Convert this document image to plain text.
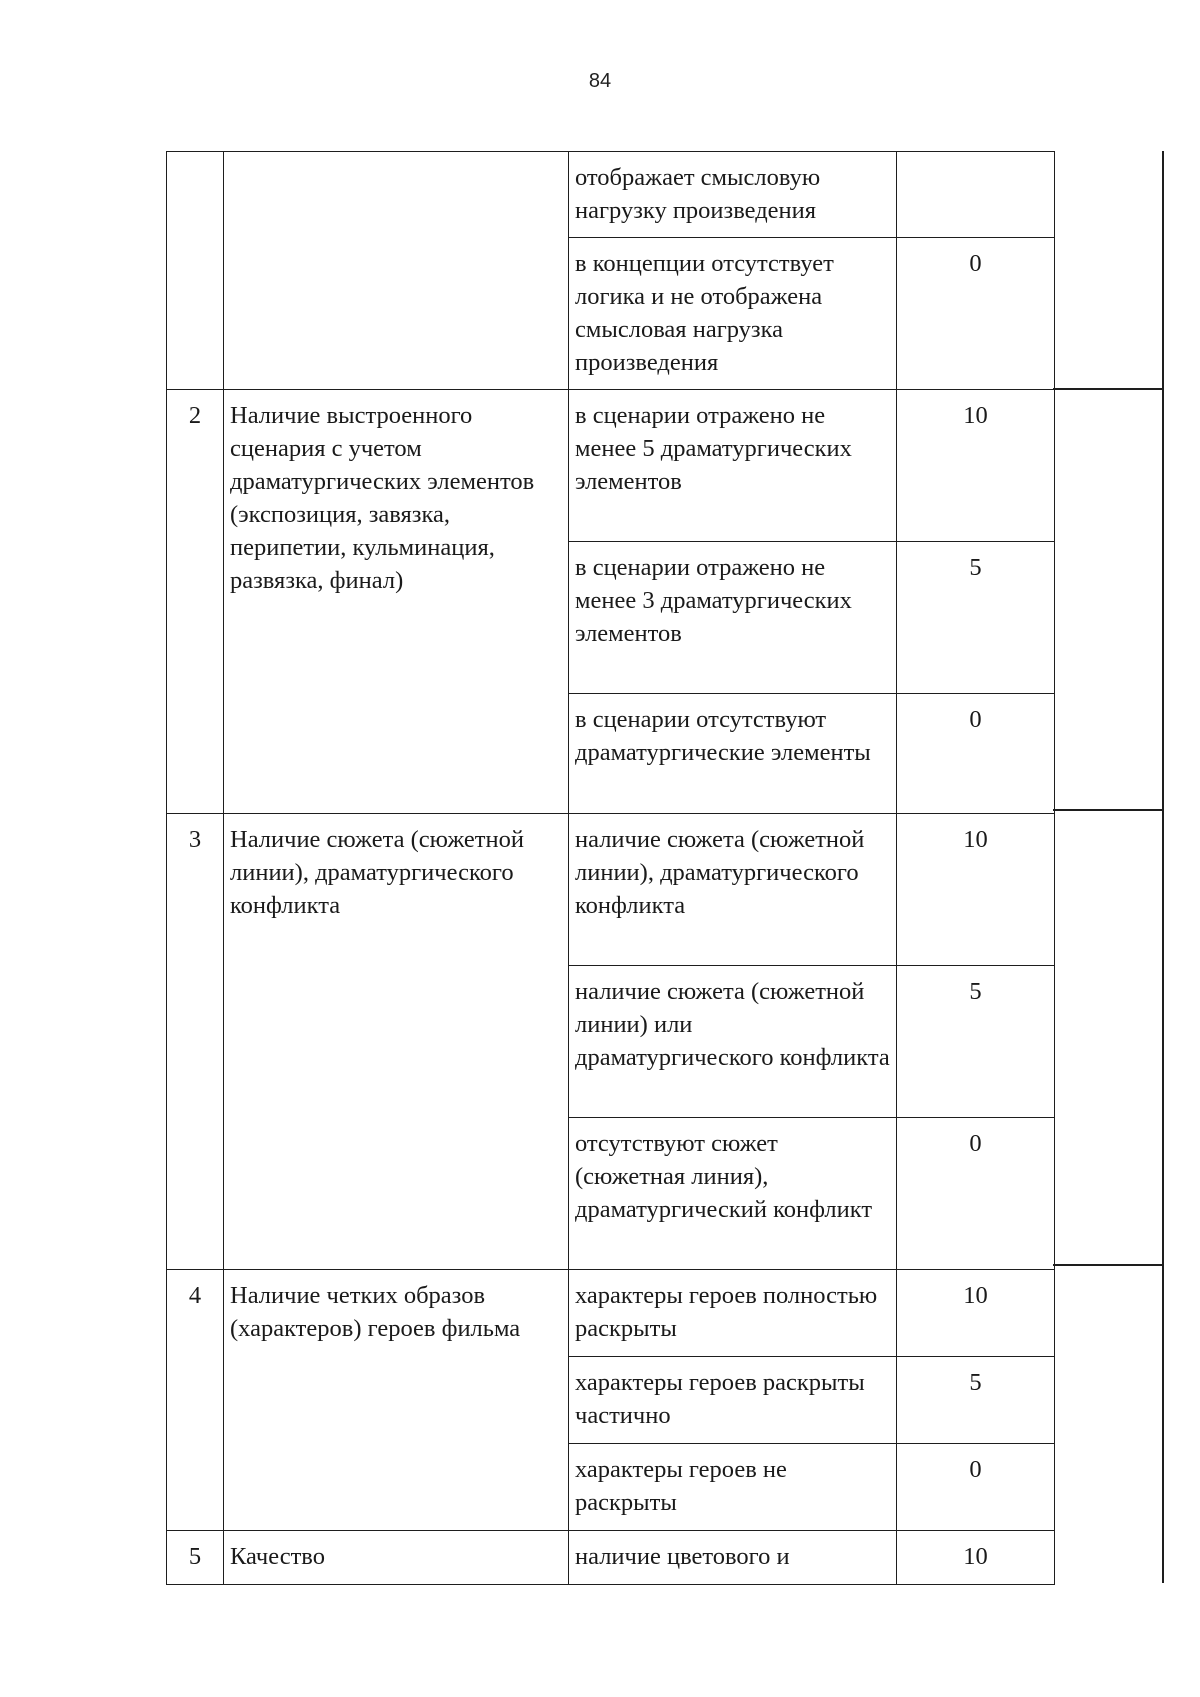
84
		отображает смысловую нагрузку произведения	
		в концепции отсутствует логика и не отображена смысловая нагрузка произведения	0
2	Наличие выстроенного сценария с учетом драматургических элементов (экспозиция, завязка, перипетии, кульминация, развязка, финал)	в сценарии отражено не менее 5 драматургических элементов	10
		в сценарии отражено не менее 3 драматургических элементов	5
		в сценарии отсутствуют драматургические элементы	0
3	Наличие сюжета (сюжетной линии), драматургического конфликта	наличие сюжета (сюжетной линии), драматургического конфликта	10
		наличие сюжета (сюжетной линии) или драматургического конфликта	5
		отсутствуют сюжет (сюжетная линия), драматургический конфликт	0
4	Наличие четких образов (характеров) героев фильма	характеры героев полностью раскрыты	10
		характеры героев раскрыты частично	5
		характеры героев не раскрыты	0
5	Качество	наличие цветового и	10
